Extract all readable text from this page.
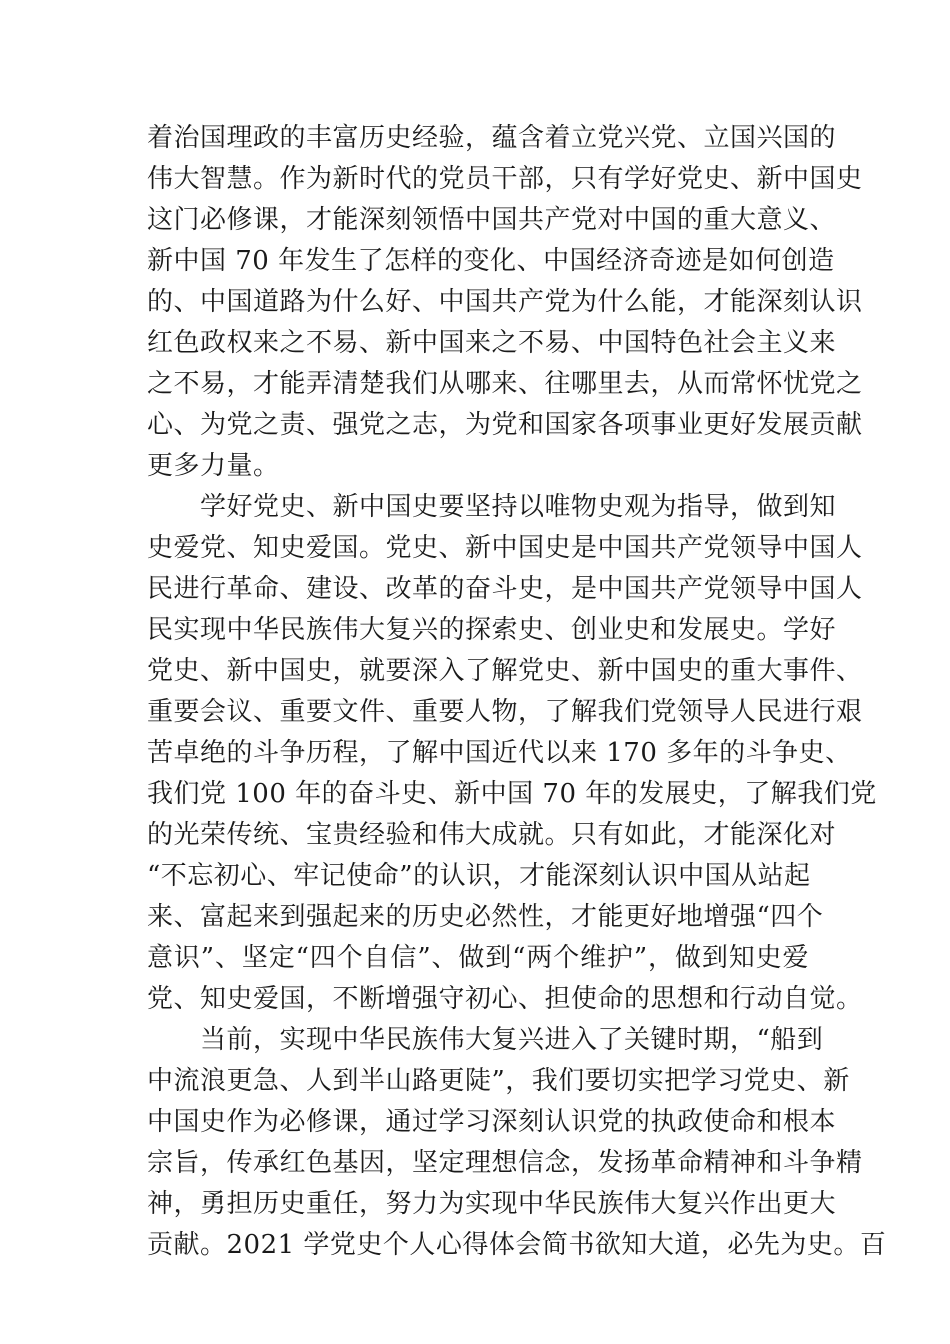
着治国理政的丰富历史经验，蕴含着立党兴党、立国兴国的
伟大智慧。作为新时代的党员干部，只有学好党史、新中国史
这门必修课，才能深刻领悟中国共产党对中国的重大意义、
新中国 70 年发生了怎样的变化、中国经济奇迹是如何创造
的、中国道路为什么好、中国共产党为什么能，才能深刻认识
红色政权来之不易、新中国来之不易、中国特色社会主义来
之不易，才能弄清楚我们从哪来、往哪里去，从而常怀忧党之
心、为党之责、强党之志，为党和国家各项事业更好发展贡献
更多力量。
　　学好党史、新中国史要坚持以唯物史观为指导，做到知
史爱党、知史爱国。党史、新中国史是中国共产党领导中国人
民进行革命、建设、改革的奋斗史，是中国共产党领导中国人
民实现中华民族伟大复兴的探索史、创业史和发展史。学好
党史、新中国史，就要深入了解党史、新中国史的重大事件、
重要会议、重要文件、重要人物，了解我们党领导人民进行艰
苦卓绝的斗争历程，了解中国近代以来 170 多年的斗争史、
我们党 100 年的奋斗史、新中国 70 年的发展史，了解我们党
的光荣传统、宝贵经验和伟大成就。只有如此，才能深化对
“不忘初心、牢记使命”的认识，才能深刻认识中国从站起
来、富起来到强起来的历史必然性，才能更好地增强“四个
意识”、坚定“四个自信”、做到“两个维护”，做到知史爱
党、知史爱国，不断增强守初心、担使命的思想和行动自觉。
　　当前，实现中华民族伟大复兴进入了关键时期，“船到
中流浪更急、人到半山路更陡”，我们要切实把学习党史、新
中国史作为必修课，通过学习深刻认识党的执政使命和根本
宗旨，传承红色基因，坚定理想信念，发扬革命精神和斗争精
神，勇担历史重任，努力为实现中华民族伟大复兴作出更大
贡献。2021 学党史个人心得体会简书欲知大道，必先为史。百
